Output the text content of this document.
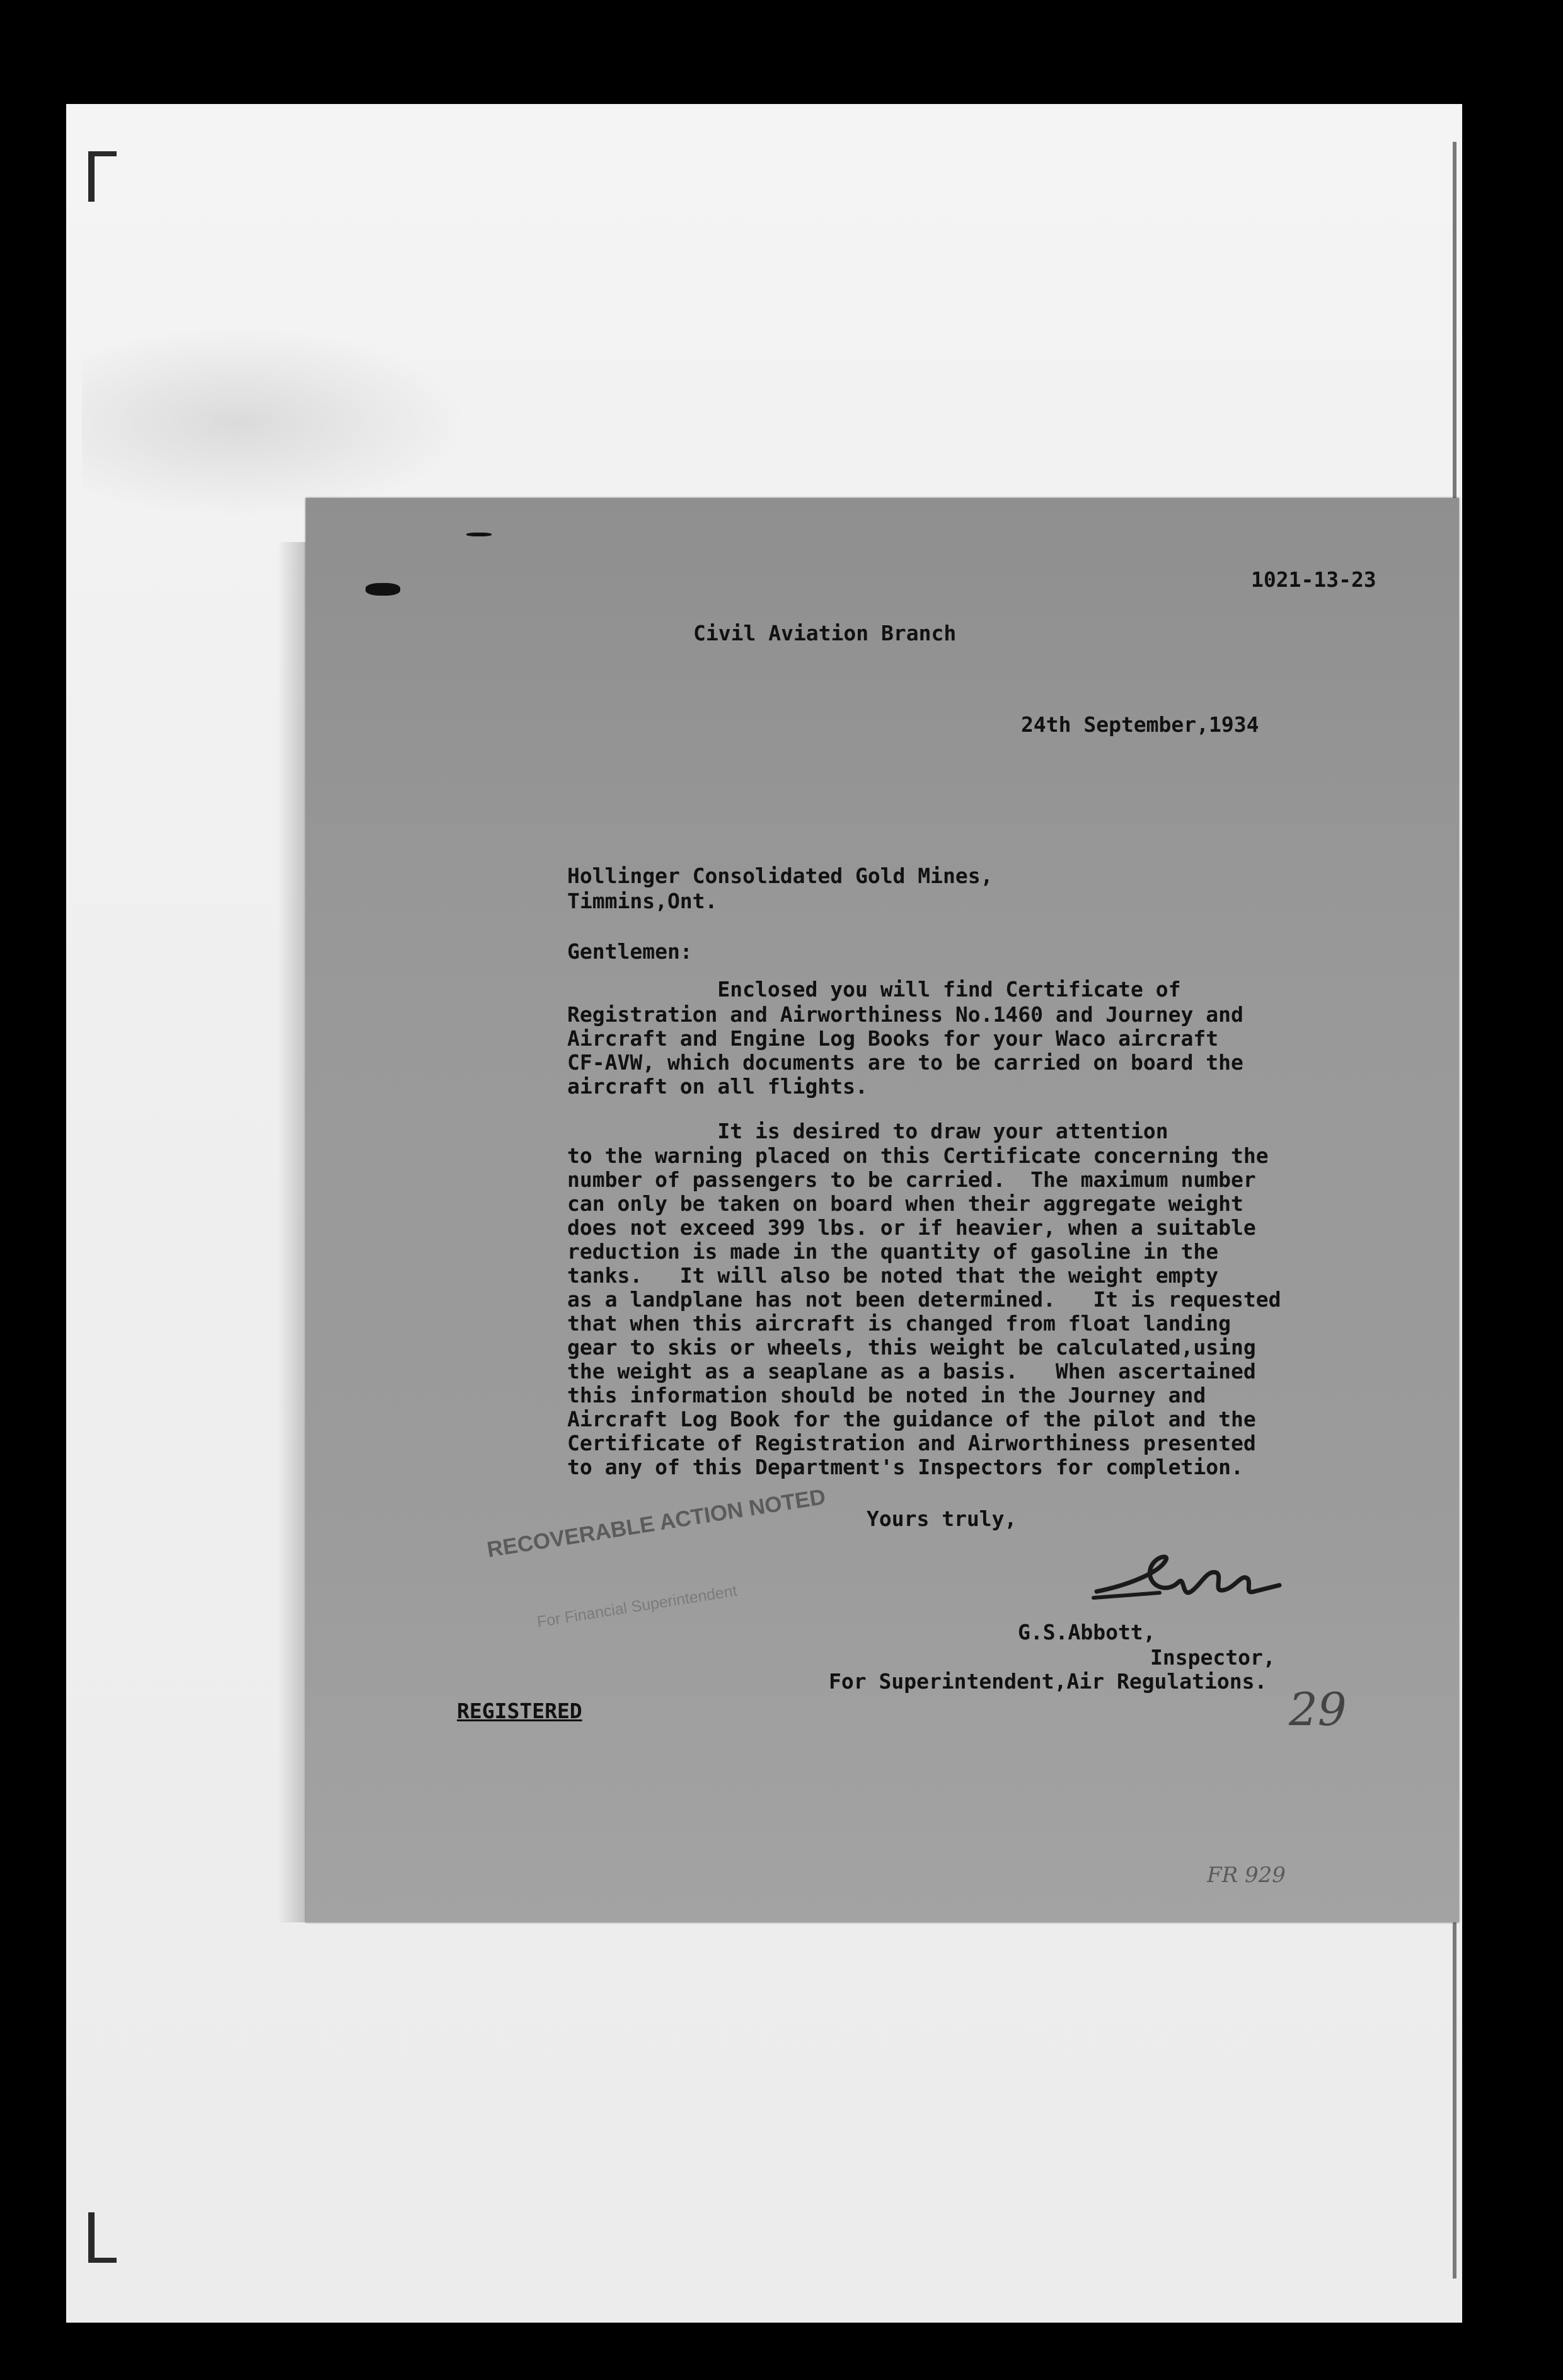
1021-13-23
Civil Aviation Branch
24th September,1934
Hollinger Consolidated Gold Mines,
Timmins,Ont.
Gentlemen:
Enclosed you will find Certificate of
Registration and Airworthiness No.1460 and Journey and
Aircraft and Engine Log Books for your Waco aircraft
CF-AVW, which documents are to be carried on board the
aircraft on all flights.
It is desired to draw your attention
to the warning placed on this Certificate concerning the
number of passengers to be carried.  The maximum number
can only be taken on board when their aggregate weight
does not exceed 399 lbs. or if heavier, when a suitable
reduction is made in the quantity of gasoline in the
tanks.   It will also be noted that the weight empty
as a landplane has not been determined.   It is requested
that when this aircraft is changed from float landing
gear to skis or wheels, this weight be calculated,using
the weight as a seaplane as a basis.   When ascertained
this information should be noted in the Journey and
Aircraft Log Book for the guidance of the pilot and the
Certificate of Registration and Airworthiness presented
to any of this Department's Inspectors for completion.
Yours truly,
G.S.Abbott,
Inspector,
For Superintendent,Air Regulations.
REGISTERED	29
FR 929
RECOVERABLE ACTION NOTED
For Financial Superintendent
